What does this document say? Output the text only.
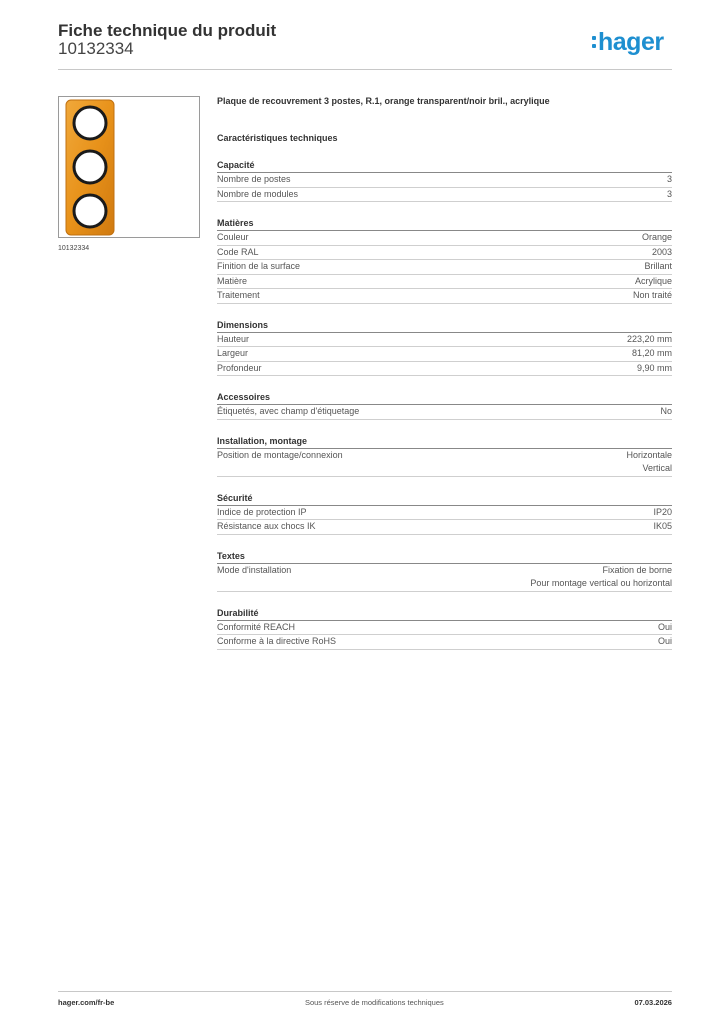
Fiche technique du produit
10132334	hager
10132334
Plaque de recouvrement 3 postes, R.1, orange transparent/noir bril., acrylique
Caractéristiques techniques
Capacité
Nombre de postes	3
Nombre de modules	3
Matières
Couleur	Orange
Code RAL	2003
Finition de la surface	Brillant
Matière	Acrylique
Traitement	Non traité
Dimensions
Hauteur	223,20 mm
Largeur	81,20 mm
Profondeur	9,90 mm
Accessoires
Étiquetés, avec champ d'étiquetage	No
Installation, montage
Position de montage/connexion	Horizontale
Vertical
Sécurité
Indice de protection IP	IP20
Résistance aux chocs IK	IK05
Textes
Mode d'installation	Fixation de borne
Pour montage vertical ou horizontal
Durabilité
Conformité REACH	Oui
Conforme à la directive RoHS	Oui
hager.com/fr-be	Sous réserve de modifications techniques	07.03.2026
